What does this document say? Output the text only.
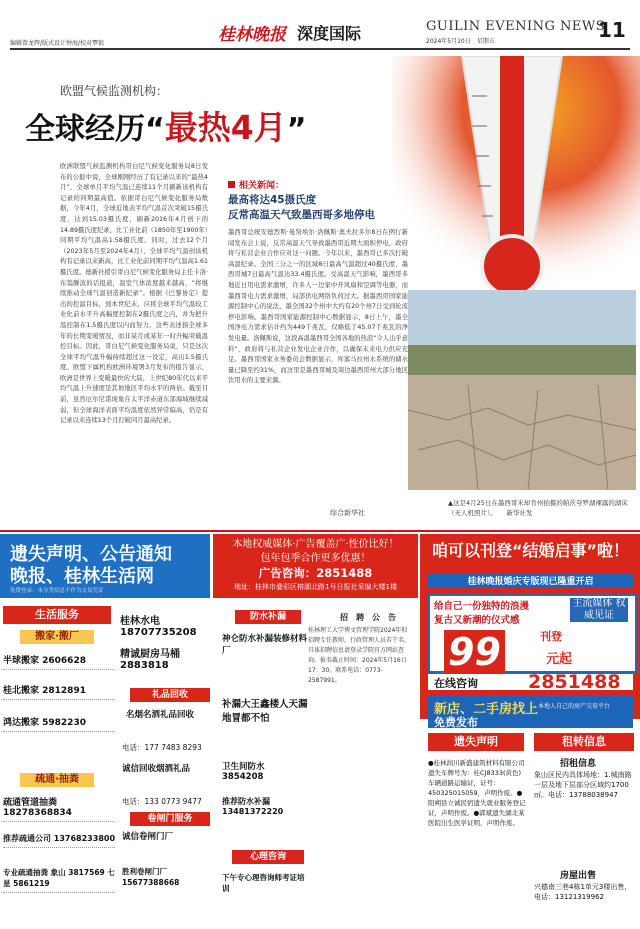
编辑曾龙辉/版式设计钟海/校对覃银	桂林晚报 深度国际	GUILIN EVENING NEWS
2024年5月10日　星期五	11
欧盟气候监测机构：
全球经历“最热4月”
欧洲联盟气候监测机构哥白尼气候变化服务局8日发布的公报中说，全球刚刚经历了有记录以来的“最热4月”，全球单月平均气温已连续11个月刷新该机构有记录的同期最高值。依据哥白尼气候变化服务局数据，今年4月，全球近地表平均气温首次突破15摄氏度，达到15.03摄氏度，刷新2016年4月创下的14.89摄氏度纪录，比工业化前（1850年至1900年）同期平均气温高1.58摄氏度。同时，过去12个月（2023年5月至2024年4月），全球平均气温创该机构有记录以来新高，比工业化前同期平均气温高1.61摄氏度。德新社援引哥白尼气候变化服务局主任卡洛·布翁滕波的话报道，温室气体浓度越来越高，“将继续推动全球气温创造新纪录”。根据《巴黎协定》提出的控温目标，到本世纪末，应将全球平均气温较工业化前水平升高幅度控制在2摄氏度之内，并为把升温控制在1.5摄氏度以内而努力。这些表述指全球多年的长期变暖情况，而非某月或某年一时升幅突破温控目标。因此，哥白尼气候变化服务局说，只是这次全球平均气温升幅持续超过这一设定，高出1.5摄氏度。欧盟下属机构欧洲环境署3月发布的报告显示，欧洲是世界上变暖最快的大陆，上世纪80年代以来平均气温上升速度是其他地区平均水平的两倍。截至目前，虽然厄尔尼诺现象在太平洋赤道东部海域继续减弱，但全球海洋表面平均温度依然异常偏高，仍是有记录以来连续13个月打破同月最高纪录。
相关新闻：
最高将达45摄氏度
反常高温天气致墨西哥多地停电
墨西哥总统安德烈斯·曼努埃尔·洛佩斯·奥夫拉多尔8日在例行新闻发布会上说，反常高温天气导致墨西哥近期大面积停电，政府将与私营企业合作应对这一问题。今年以来，墨西哥已多次打破高温纪录。全国三分之一的区域8日最高气温超过40摄氏度，墨西哥城7日最高气温达33.4摄氏度。受高温天气影响，墨西哥多地近日用电需求激增，许多人一边家中开风扇和空调等电器，而墨西哥电力需求激增，局部供电网络负荷过大。据墨西哥国家能源控制中心的说法，墨全国32个州中大约有20个州7日受到轮流停电影响。墨西哥国家能源控制中心数据显示，8日上午，墨全国净电力需求估计约为449千兆瓦，仅略低于45.07千兆瓦的净发电量。洛佩斯说，这段高温墨西哥全国各地的热浪“令人出乎意料”，政府将与私营企业发电企业合作，以确保未来电力供应充足。墨西哥国家水务委员会数据显示，库塞马拉州水系统的储水量已降至约31%，而这里是墨西哥城及周边墨西哥州大部分地区饮用水的主要来源。
综合新华社
▲这是4月25日在墨西哥米却肯州拍摄的帕茨夸罗湖裸露的湖床（无人机照片）。　　新华社发
遗失声明、公告通知
晚报、桂林生活网
免费登录：本分类信息不作为交易凭证
本地权威媒体·广告覆盖广·性价比好！
包年包季合作更多优惠！
广告咨询：2851488
地址：桂林市叠彩区榕湖北路1号日报社采编大楼1楼
咱可以刊登“结婚启事”啦！
桂林晚报婚庆专版现已隆重开启
给自己一份独特的浪漫
复古又新潮的仪式感
主流媒体 权威见证
99	刊登
元起
在线咨询	2851488
新店、二手房找上
免费发布
本地人自己的房产交易平台
生活服务
搬家·搬厂
半球搬家 2606628
桂北搬家 2812891
鸿达搬家 5982230
疏通·抽粪
疏通管道抽粪 18278368834
推荐疏通公司 13768233800
专业疏通抽粪 象山 3817569 七星 5861219
桂林水电 18707735208
精诚厨房马桶 2883818
礼品回收
名烟名酒礼品回收
电话：177 7483 8293
诚信回收烟酒礼品
电话：133 0773 9477
卷闸门服务
诚信卷闸门厂
胜利卷闸门厂 15677388668
防水补漏
神仑防水补漏装修材料厂
补漏大王鑫楼人天漏地冒都不怕
卫生间防水 3854208
推荐防水补漏 13481372220
心理咨询
下午专心理咨询师考证培训
招　聘　公　告
桂林理工大学博文管理学院2024年拟招聘专任教师、行政管理人员若干名，具体招聘信息请登录学院官方网站查询。报名截止时间：2024年5月16日17：30。联系电话：0773-2587991。
遗失声明
●桂林润川新盛建筑材料有限公司遗失车牌号为：桂CJ8333(黄色)车辆道路运输证，证号：450325015059，声明作废。●阳朔县立诚民宿遗失就业服务登记证，声明作废。●郭斌遗失湖北某医院出生医学证明，声明作废。
租转信息
招租信息
象山区民内具体场地：1.城南路一层及地下层部分区域约1700㎡。电话：13788038947
房屋出售
兴德南三巷4栋1单元3楼出售，电话：13121319962
